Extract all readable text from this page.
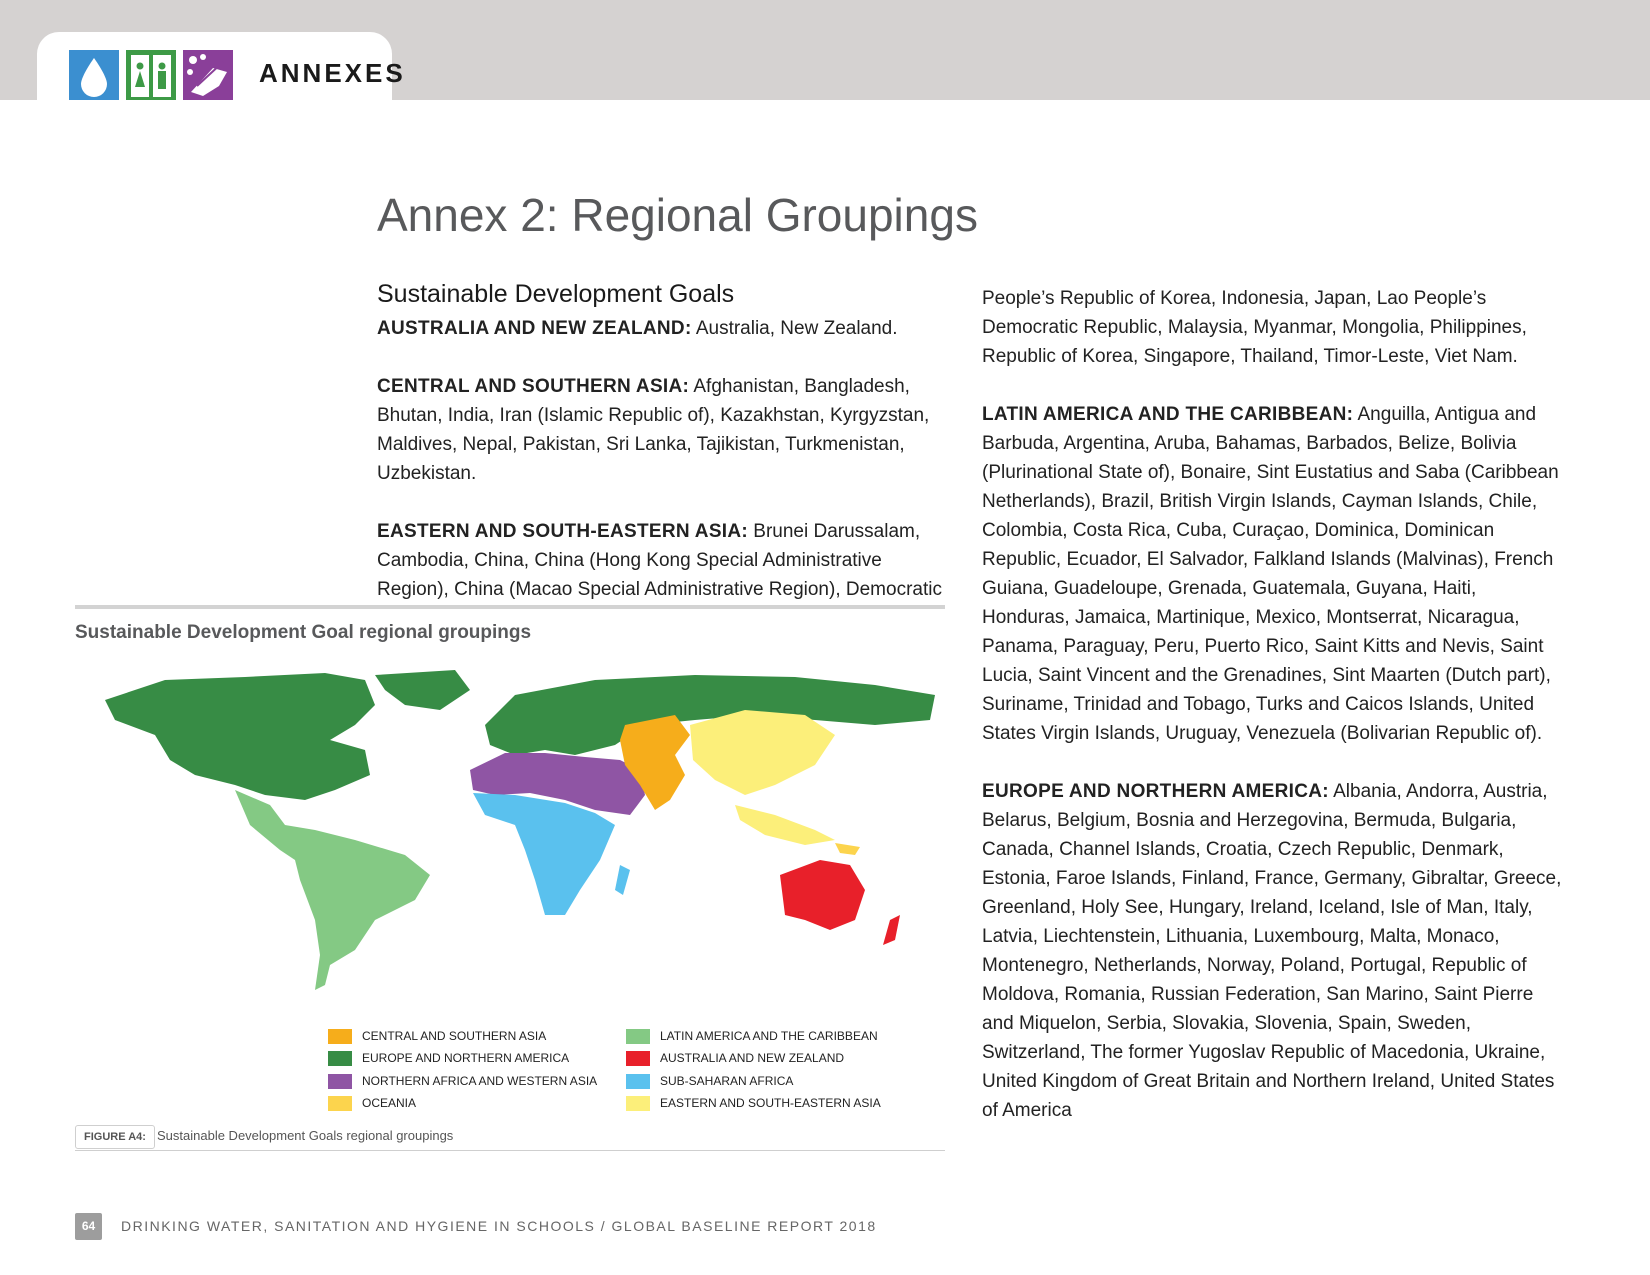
ANNEXES
Annex 2: Regional Groupings
Sustainable Development Goals

AUSTRALIA AND NEW ZEALAND: Australia, New Zealand.

CENTRAL AND SOUTHERN ASIA: Afghanistan, Bangladesh, Bhutan, India, Iran (Islamic Republic of), Kazakhstan, Kyrgyzstan, Maldives, Nepal, Pakistan, Sri Lanka, Tajikistan, Turkmenistan, Uzbekistan.

EASTERN AND SOUTH-EASTERN ASIA: Brunei Darussalam, Cambodia, China, China (Hong Kong Special Administrative Region), China (Macao Special Administrative Region), Democratic

People’s Republic of Korea, Indonesia, Japan, Lao People’s Democratic Republic, Malaysia, Myanmar, Mongolia, Philippines, Republic of Korea, Singapore, Thailand, Timor-Leste, Viet Nam.

LATIN AMERICA AND THE CARIBBEAN: Anguilla, Antigua and Barbuda, Argentina, Aruba, Bahamas, Barbados, Belize, Bolivia (Plurinational State of), Bonaire, Sint Eustatius and Saba (Caribbean Netherlands), Brazil, British Virgin Islands, Cayman Islands, Chile, Colombia, Costa Rica, Cuba, Curaçao, Dominica, Dominican Republic, Ecuador, El Salvador, Falkland Islands (Malvinas), French Guiana, Guadeloupe, Grenada, Guatemala, Guyana, Haiti, Honduras, Jamaica, Martinique, Mexico, Montserrat, Nicaragua, Panama, Paraguay, Peru, Puerto Rico, Saint Kitts and Nevis, Saint Lucia, Saint Vincent and the Grenadines, Sint Maarten (Dutch part), Suriname, Trinidad and Tobago, Turks and Caicos Islands, United States Virgin Islands, Uruguay, Venezuela (Bolivarian Republic of).

EUROPE AND NORTHERN AMERICA: Albania, Andorra, Austria, Belarus, Belgium, Bosnia and Herzegovina, Bermuda, Bulgaria, Canada, Channel Islands, Croatia, Czech Republic, Denmark, Estonia, Faroe Islands, Finland, France, Germany, Gibraltar, Greece, Greenland, Holy See, Hungary, Ireland, Iceland, Isle of Man, Italy, Latvia, Liechtenstein, Lithuania, Luxembourg, Malta, Monaco, Montenegro, Netherlands, Norway, Poland, Portugal, Republic of Moldova, Romania, Russian Federation, San Marino, Saint Pierre and Miquelon, Serbia, Slovakia, Slovenia, Spain, Sweden, Switzerland, The former Yugoslav Republic of Macedonia, Ukraine, United Kingdom of Great Britain and Northern Ireland, United States of America

Sustainable Development Goal regional groupings
CENTRAL AND SOUTHERN ASIA
EUROPE AND NORTHERN AMERICA
NORTHERN AFRICA AND WESTERN ASIA
OCEANIA
LATIN AMERICA AND THE CARIBBEAN
AUSTRALIA AND NEW ZEALAND
SUB-SAHARAN AFRICA
EASTERN AND SOUTH-EASTERN ASIA
FIGURE A4: Sustainable Development Goals regional groupings
64	DRINKING WATER, SANITATION AND HYGIENE IN SCHOOLS / GLOBAL BASELINE REPORT 2018
